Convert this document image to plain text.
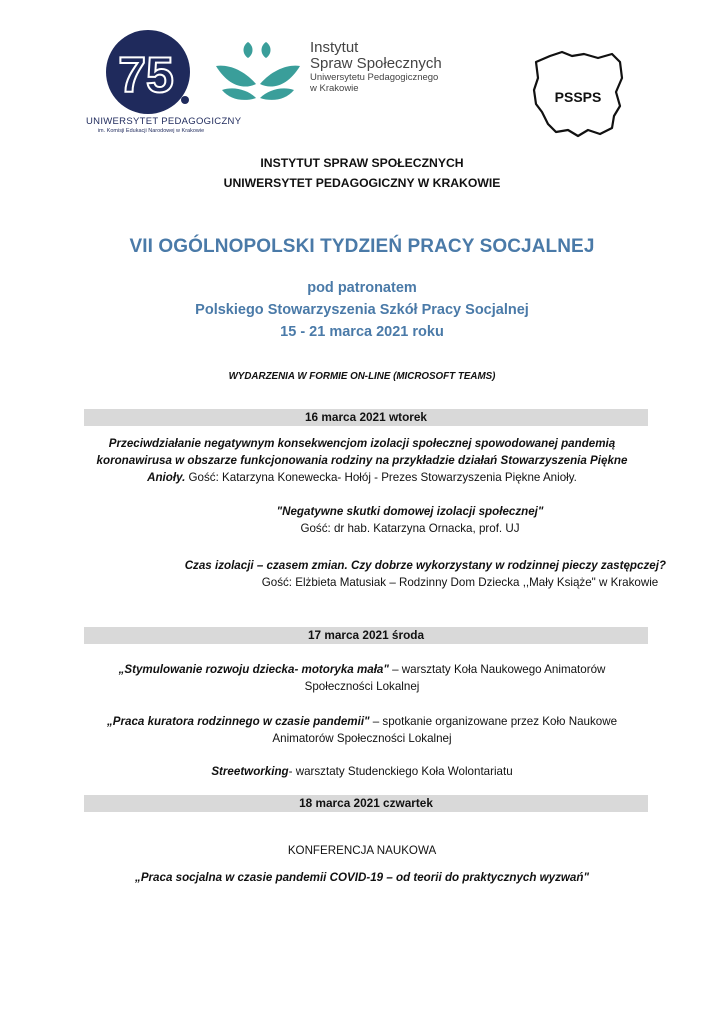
75
UNIWERSYTET PEDAGOGICZNY
im. Komisji Edukacji Narodowej w Krakowie
Instytut
Spraw Społecznych
Uniwersytetu Pedagogicznego
w Krakowie
PSSPS
INSTYTUT SPRAW SPOŁECZNYCH
UNIWERSYTET PEDAGOGICZNY W KRAKOWIE
VII OGÓLNOPOLSKI TYDZIEŃ PRACY SOCJALNEJ
pod patronatem
Polskiego Stowarzyszenia Szkół Pracy Socjalnej
15 - 21 marca 2021 roku
WYDARZENIA W FORMIE ON-LINE (MICROSOFT TEAMS)
16 marca 2021 wtorek
Przeciwdziałanie negatywnym konsekwencjom izolacji społecznej spowodowanej pandemią
koronawirusa w obszarze funkcjonowania rodziny na przykładzie działań Stowarzyszenia Piękne
Anioły. Gość: Katarzyna Konewecka- Hołój - Prezes Stowarzyszenia Piękne Anioły.
"Negatywne skutki domowej izolacji społecznej"
Gość: dr hab. Katarzyna Ornacka, prof. UJ
Czas izolacji – czasem zmian. Czy dobrze wykorzystany w rodzinnej pieczy zastępczej?
Gość: Elżbieta Matusiak – Rodzinny Dom Dziecka ,,Mały Książe" w Krakowie
17 marca 2021 środa
„Stymulowanie rozwoju dziecka- motoryka mała" – warsztaty Koła Naukowego Animatorów
Społeczności Lokalnej
„Praca kuratora rodzinnego w czasie pandemii" – spotkanie organizowane przez Koło Naukowe
Animatorów Społeczności Lokalnej
Streetworking- warsztaty Studenckiego Koła Wolontariatu
18 marca 2021 czwartek
KONFERENCJA NAUKOWA
„Praca socjalna w czasie pandemii COVID-19 – od teorii do praktycznych wyzwań"
